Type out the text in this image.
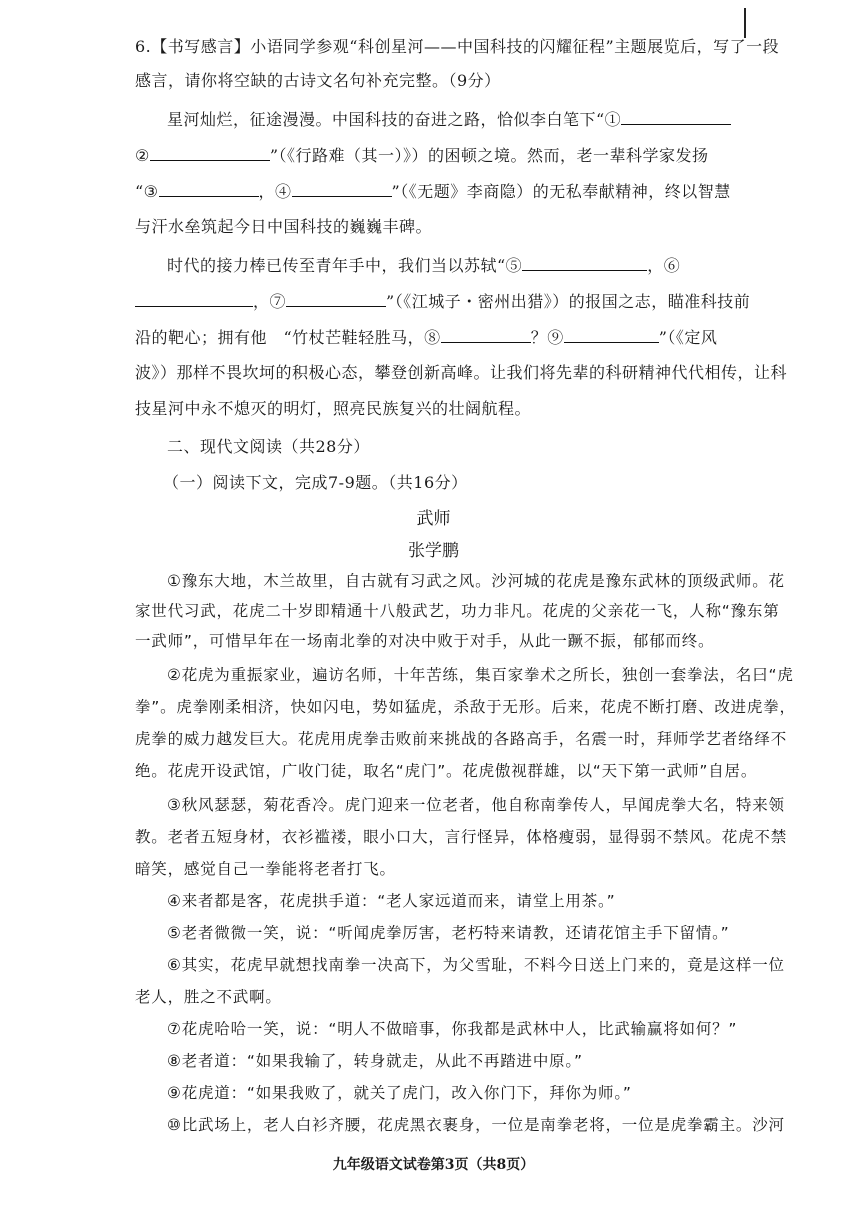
6.【书写感言】小语同学参观“科创星河——中国科技的闪耀征程”主题展览后，写了一段
感言，请你将空缺的古诗文名句补充完整。（9分）
星河灿烂，征途漫漫。中国科技的奋进之路，恰似李白笔下“①
②	”（《行路难（其一）》）的困顿之境。然而，老一辈科学家发扬
“③	，④	”（《无题》李商隐）的无私奉献精神，终以智慧
与汗水垒筑起今日中国科技的巍巍丰碑。
时代的接力棒已传至青年手中，我们当以苏轼“⑤	，⑥
，⑦	”（《江城子・密州出猎》）的报国之志，瞄准科技前
沿的靶心；拥有他　“竹杖芒鞋轻胜马，⑧	？⑨	”（《定风
波》）那样不畏坎坷的积极心态，攀登创新高峰。让我们将先辈的科研精神代代相传，让科
技星河中永不熄灭的明灯，照亮民族复兴的壮阔航程。
二、现代文阅读（共28分）
（一）阅读下文，完成7-9题。（共16分）
武师
张学鹏
①豫东大地，木兰故里，自古就有习武之风。沙河城的花虎是豫东武林的顶级武师。花
家世代习武，花虎二十岁即精通十八般武艺，功力非凡。花虎的父亲花一飞，人称“豫东第
一武师”，可惜早年在一场南北拳的对决中败于对手，从此一蹶不振，郁郁而终。
②花虎为重振家业，遍访名师，十年苦练，集百家拳术之所长，独创一套拳法，名曰“虎
拳”。虎拳刚柔相济，快如闪电，势如猛虎，杀敌于无形。后来，花虎不断打磨、改进虎拳，
虎拳的威力越发巨大。花虎用虎拳击败前来挑战的各路高手，名震一时，拜师学艺者络绎不
绝。花虎开设武馆，广收门徒，取名“虎门”。花虎傲视群雄，以“天下第一武师”自居。
③秋风瑟瑟，菊花香冷。虎门迎来一位老者，他自称南拳传人，早闻虎拳大名，特来领
教。老者五短身材，衣衫褴褛，眼小口大，言行怪异，体格瘦弱，显得弱不禁风。花虎不禁
暗笑，感觉自己一拳能将老者打飞。
④来者都是客，花虎拱手道：“老人家远道而来，请堂上用茶。”
⑤老者微微一笑，说：“听闻虎拳厉害，老朽特来请教，还请花馆主手下留情。”
⑥其实，花虎早就想找南拳一决高下，为父雪耻，不料今日送上门来的，竟是这样一位
老人，胜之不武啊。
⑦花虎哈哈一笑，说：“明人不做暗事，你我都是武林中人，比武输赢将如何？”
⑧老者道：“如果我输了，转身就走，从此不再踏进中原。”
⑨花虎道：“如果我败了，就关了虎门，改入你门下，拜你为师。”
⑩比武场上，老人白衫齐腰，花虎黑衣裹身，一位是南拳老将，一位是虎拳霸主。沙河
九年级语文试卷第3页（共8页）
